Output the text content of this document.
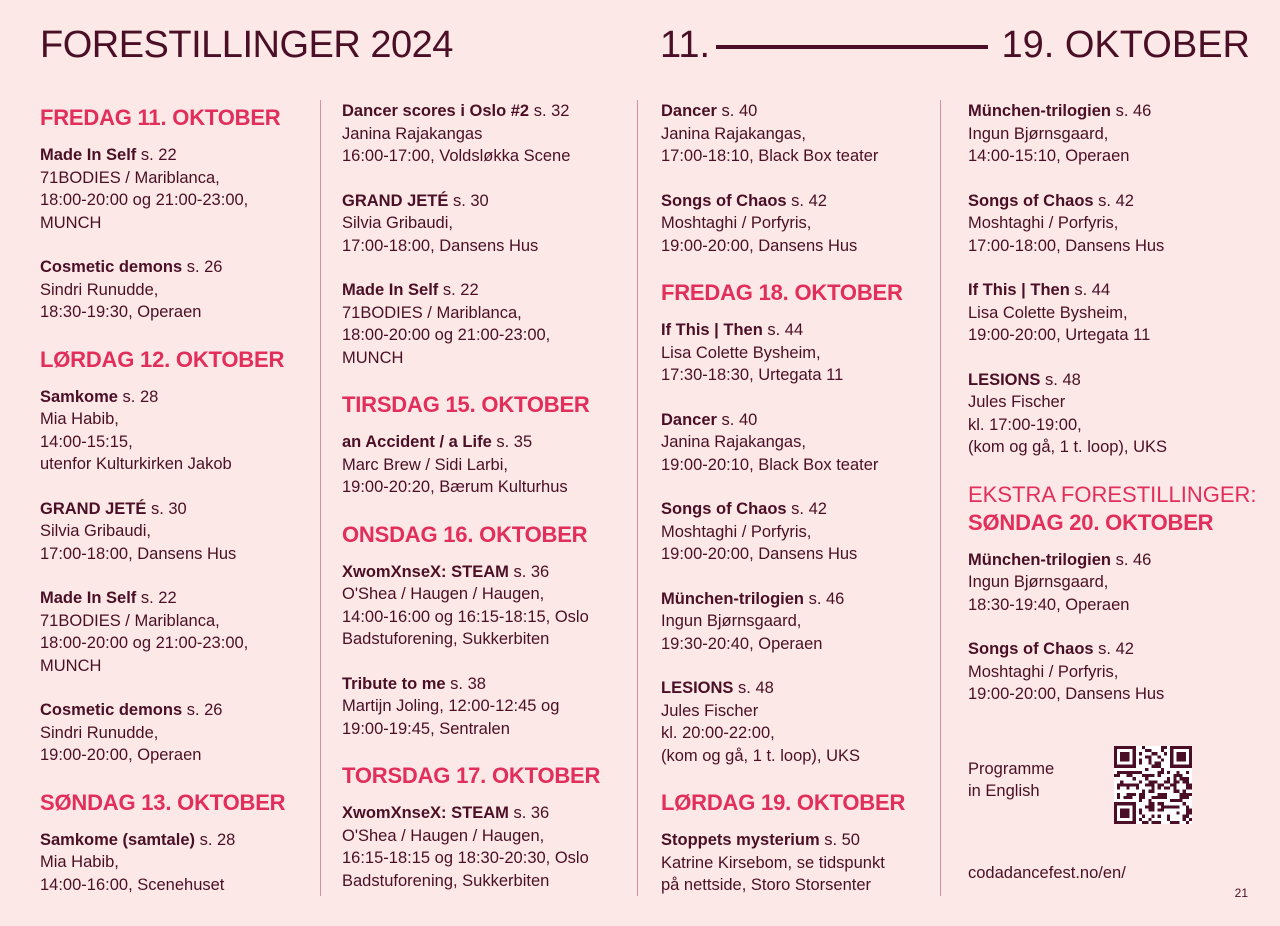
FORESTILLINGER 2024	11.	19. OKTOBER
FREDAG 11. OKTOBER
Made In Self s. 22
71BODIES / Mariblanca,
18:00-20:00 og 21:00-23:00,
MUNCH
Cosmetic demons s. 26
Sindri Runudde,
18:30-19:30, Operaen
LØRDAG 12. OKTOBER
Samkome s. 28
Mia Habib,
14:00-15:15,
utenfor Kulturkirken Jakob
GRAND JETÉ s. 30
Silvia Gribaudi,
17:00-18:00, Dansens Hus
Made In Self s. 22
71BODIES / Mariblanca,
18:00-20:00 og 21:00-23:00,
MUNCH
Cosmetic demons s. 26
Sindri Runudde,
19:00-20:00, Operaen
SØNDAG 13. OKTOBER
Samkome (samtale) s. 28
Mia Habib,
14:00-16:00, Scenehuset
Dancer scores i Oslo #2 s. 32
Janina Rajakangas
16:00-17:00, Voldsløkka Scene
GRAND JETÉ s. 30
Silvia Gribaudi,
17:00-18:00, Dansens Hus
Made In Self s. 22
71BODIES / Mariblanca,
18:00-20:00 og 21:00-23:00,
MUNCH
TIRSDAG 15. OKTOBER
an Accident / a Life s. 35
Marc Brew / Sidi Larbi,
19:00-20:20, Bærum Kulturhus
ONSDAG 16. OKTOBER
XwomXnseX: STEAM s. 36
O'Shea / Haugen / Haugen,
14:00-16:00 og 16:15-18:15, Oslo
Badstuforening, Sukkerbiten
Tribute to me s. 38
Martijn Joling, 12:00-12:45 og
19:00-19:45, Sentralen
TORSDAG 17. OKTOBER
XwomXnseX: STEAM s. 36
O'Shea / Haugen / Haugen,
16:15-18:15 og 18:30-20:30, Oslo
Badstuforening, Sukkerbiten
Dancer s. 40
Janina Rajakangas,
17:00-18:10, Black Box teater
Songs of Chaos s. 42
Moshtaghi / Porfyris,
19:00-20:00, Dansens Hus
FREDAG 18. OKTOBER
If This | Then s. 44
Lisa Colette Bysheim,
17:30-18:30, Urtegata 11
Dancer s. 40
Janina Rajakangas,
19:00-20:10, Black Box teater
Songs of Chaos s. 42
Moshtaghi / Porfyris,
19:00-20:00, Dansens Hus
München-trilogien s. 46
Ingun Bjørnsgaard,
19:30-20:40, Operaen
LESIONS s. 48
Jules Fischer
kl. 20:00-22:00,
(kom og gå, 1 t. loop), UKS
LØRDAG 19. OKTOBER
Stoppets mysterium s. 50
Katrine Kirsebom, se tidspunkt
på nettside, Storo Storsenter
München-trilogien s. 46
Ingun Bjørnsgaard,
14:00-15:10, Operaen
Songs of Chaos s. 42
Moshtaghi / Porfyris,
17:00-18:00, Dansens Hus
If This | Then s. 44
Lisa Colette Bysheim,
19:00-20:00, Urtegata 11
LESIONS s. 48
Jules Fischer
kl. 17:00-19:00,
(kom og gå, 1 t. loop), UKS
EKSTRA FORESTILLINGER:
SØNDAG 20. OKTOBER
München-trilogien s. 46
Ingun Bjørnsgaard,
18:30-19:40, Operaen
Songs of Chaos s. 42
Moshtaghi / Porfyris,
19:00-20:00, Dansens Hus
Programme
in English
codadancefest.no/en/
21
